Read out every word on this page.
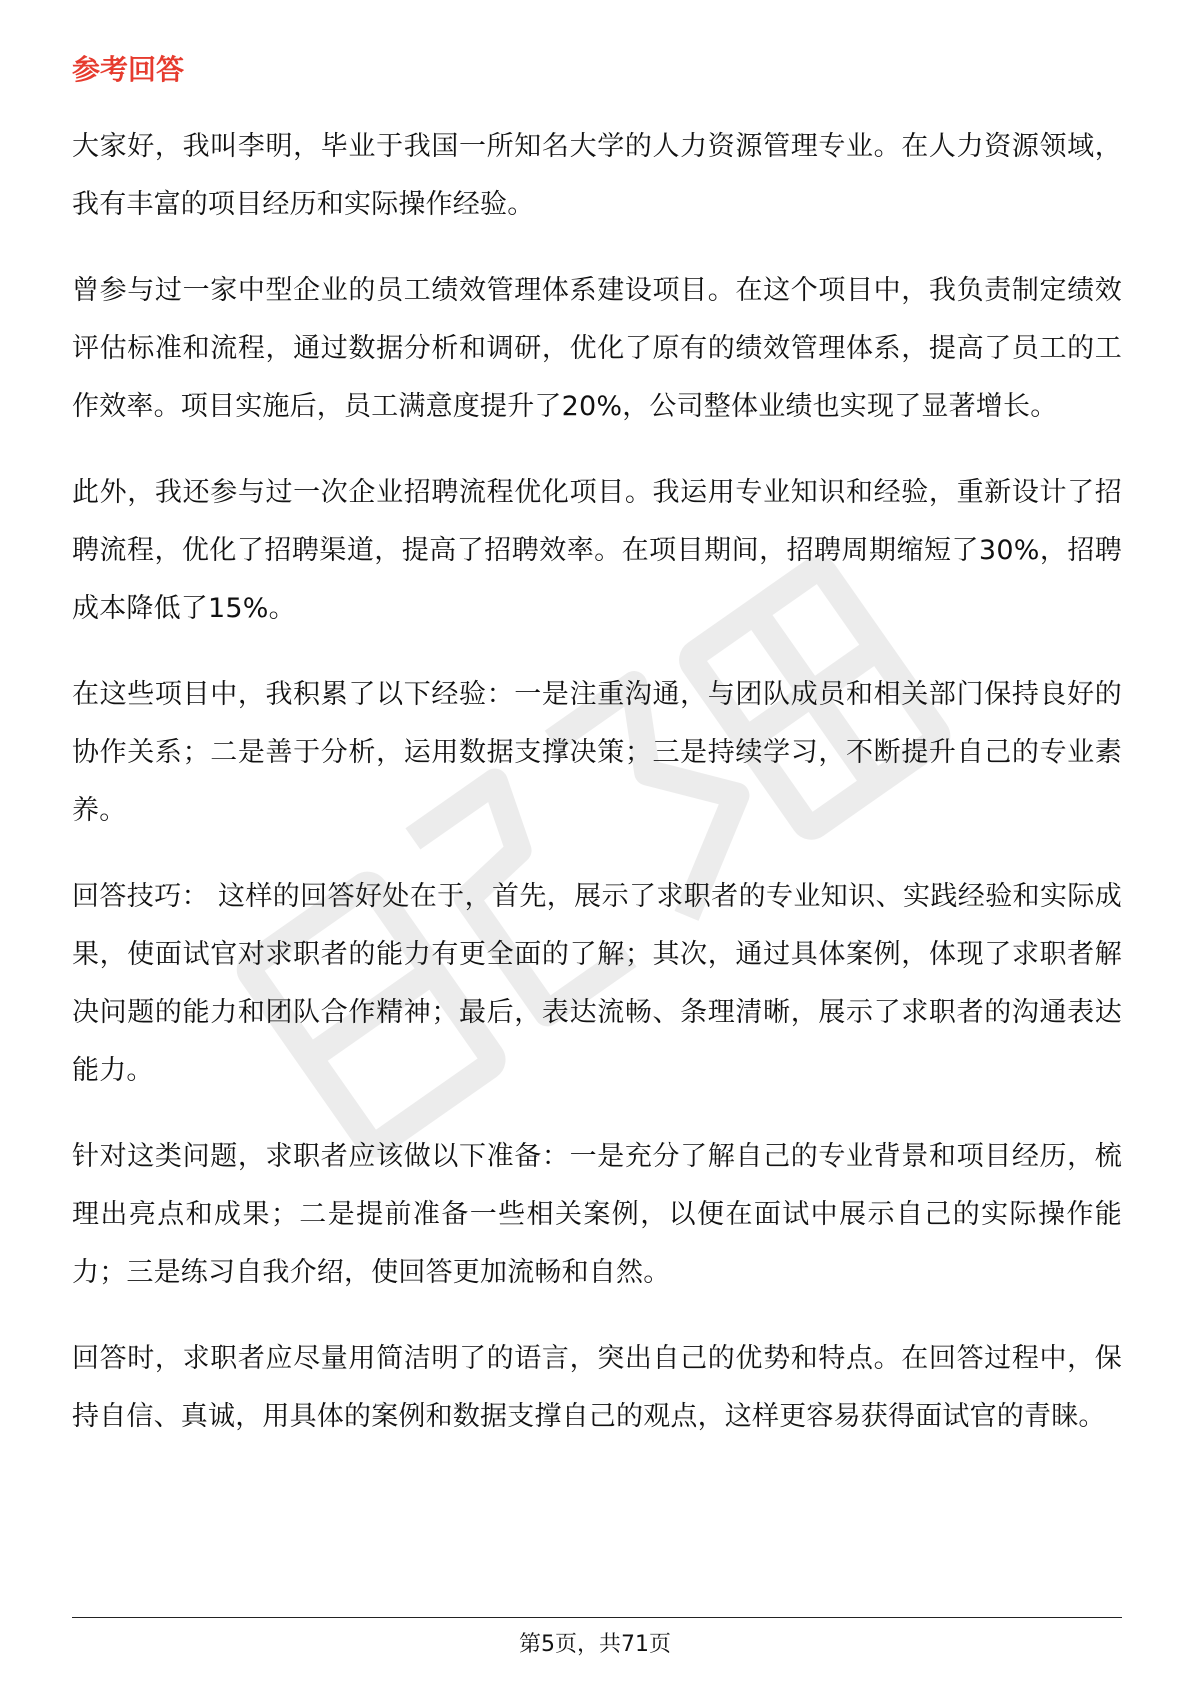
参考回答

大家好，我叫李明，毕业于我国一所知名大学的人力资源管理专业。在人力资源领域，我有丰富的项目经历和实际操作经验。

曾参与过一家中型企业的员工绩效管理体系建设项目。在这个项目中，我负责制定绩效评估标准和流程，通过数据分析和调研，优化了原有的绩效管理体系，提高了员工的工作效率。项目实施后，员工满意度提升了20%，公司整体业绩也实现了显著增长。

此外，我还参与过一次企业招聘流程优化项目。我运用专业知识和经验，重新设计了招聘流程，优化了招聘渠道，提高了招聘效率。在项目期间，招聘周期缩短了30%，招聘成本降低了15%。

在这些项目中，我积累了以下经验：一是注重沟通，与团队成员和相关部门保持良好的协作关系；二是善于分析，运用数据支撑决策；三是持续学习，不断提升自己的专业素养。

回答技巧： 这样的回答好处在于，首先，展示了求职者的专业知识、实践经验和实际成果，使面试官对求职者的能力有更全面的了解；其次，通过具体案例，体现了求职者解决问题的能力和团队合作精神；最后，表达流畅、条理清晰，展示了求职者的沟通表达能力。

针对这类问题，求职者应该做以下准备：一是充分了解自己的专业背景和项目经历，梳理出亮点和成果；二是提前准备一些相关案例，以便在面试中展示自己的实际操作能力；三是练习自我介绍，使回答更加流畅和自然。

回答时，求职者应尽量用简洁明了的语言，突出自己的优势和特点。在回答过程中，保持自信、真诚，用具体的案例和数据支撑自己的观点，这样更容易获得面试官的青睐。

第5页，共71页
